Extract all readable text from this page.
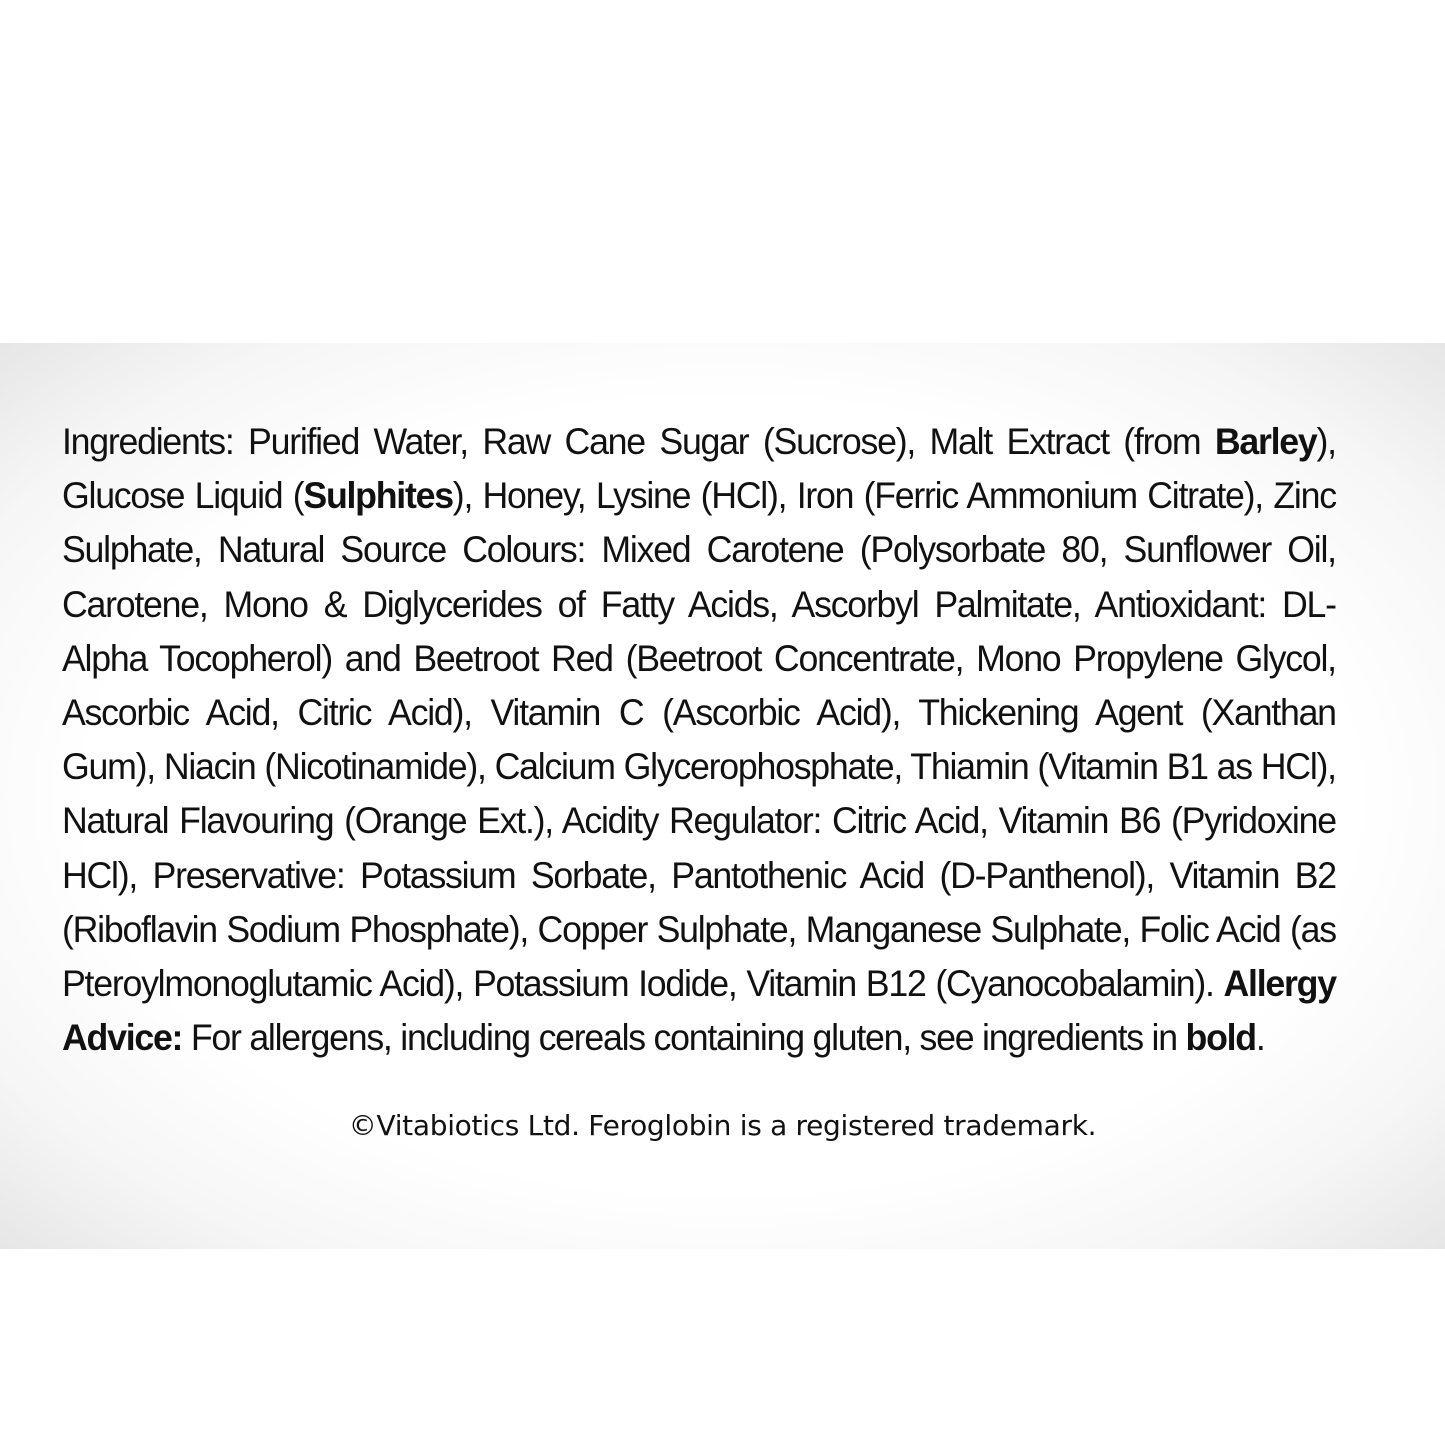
Ingredients: Purified Water, Raw Cane Sugar (Sucrose), Malt Extract (from Barley), Glucose Liquid (Sulphites), Honey, Lysine (HCl), Iron (Ferric Ammonium Citrate), Zinc Sulphate, Natural Source Colours: Mixed Carotene (Polysorbate 80, Sunflower Oil, Carotene, Mono & Diglycerides of Fatty Acids, Ascorbyl Palmitate, Antioxidant: DL-Alpha Tocopherol) and Beetroot Red (Beetroot Concentrate, Mono Propylene Glycol, Ascorbic Acid, Citric Acid), Vitamin C (Ascorbic Acid), Thickening Agent (Xanthan Gum), Niacin (Nicotinamide), Calcium Glycerophosphate, Thiamin (Vitamin B1 as HCl), Natural Flavouring (Orange Ext.), Acidity Regulator: Citric Acid, Vitamin B6 (Pyridoxine HCl), Preservative: Potassium Sorbate, Pantothenic Acid (D-Panthenol), Vitamin B2 (Riboflavin Sodium Phosphate), Copper Sulphate, Manganese Sulphate, Folic Acid (as Pteroylmonoglutamic Acid), Potassium Iodide, Vitamin B12 (Cyanocobalamin). Allergy Advice: For allergens, including cereals containing gluten, see ingredients in bold.

©Vitabiotics Ltd. Feroglobin is a registered trademark.
